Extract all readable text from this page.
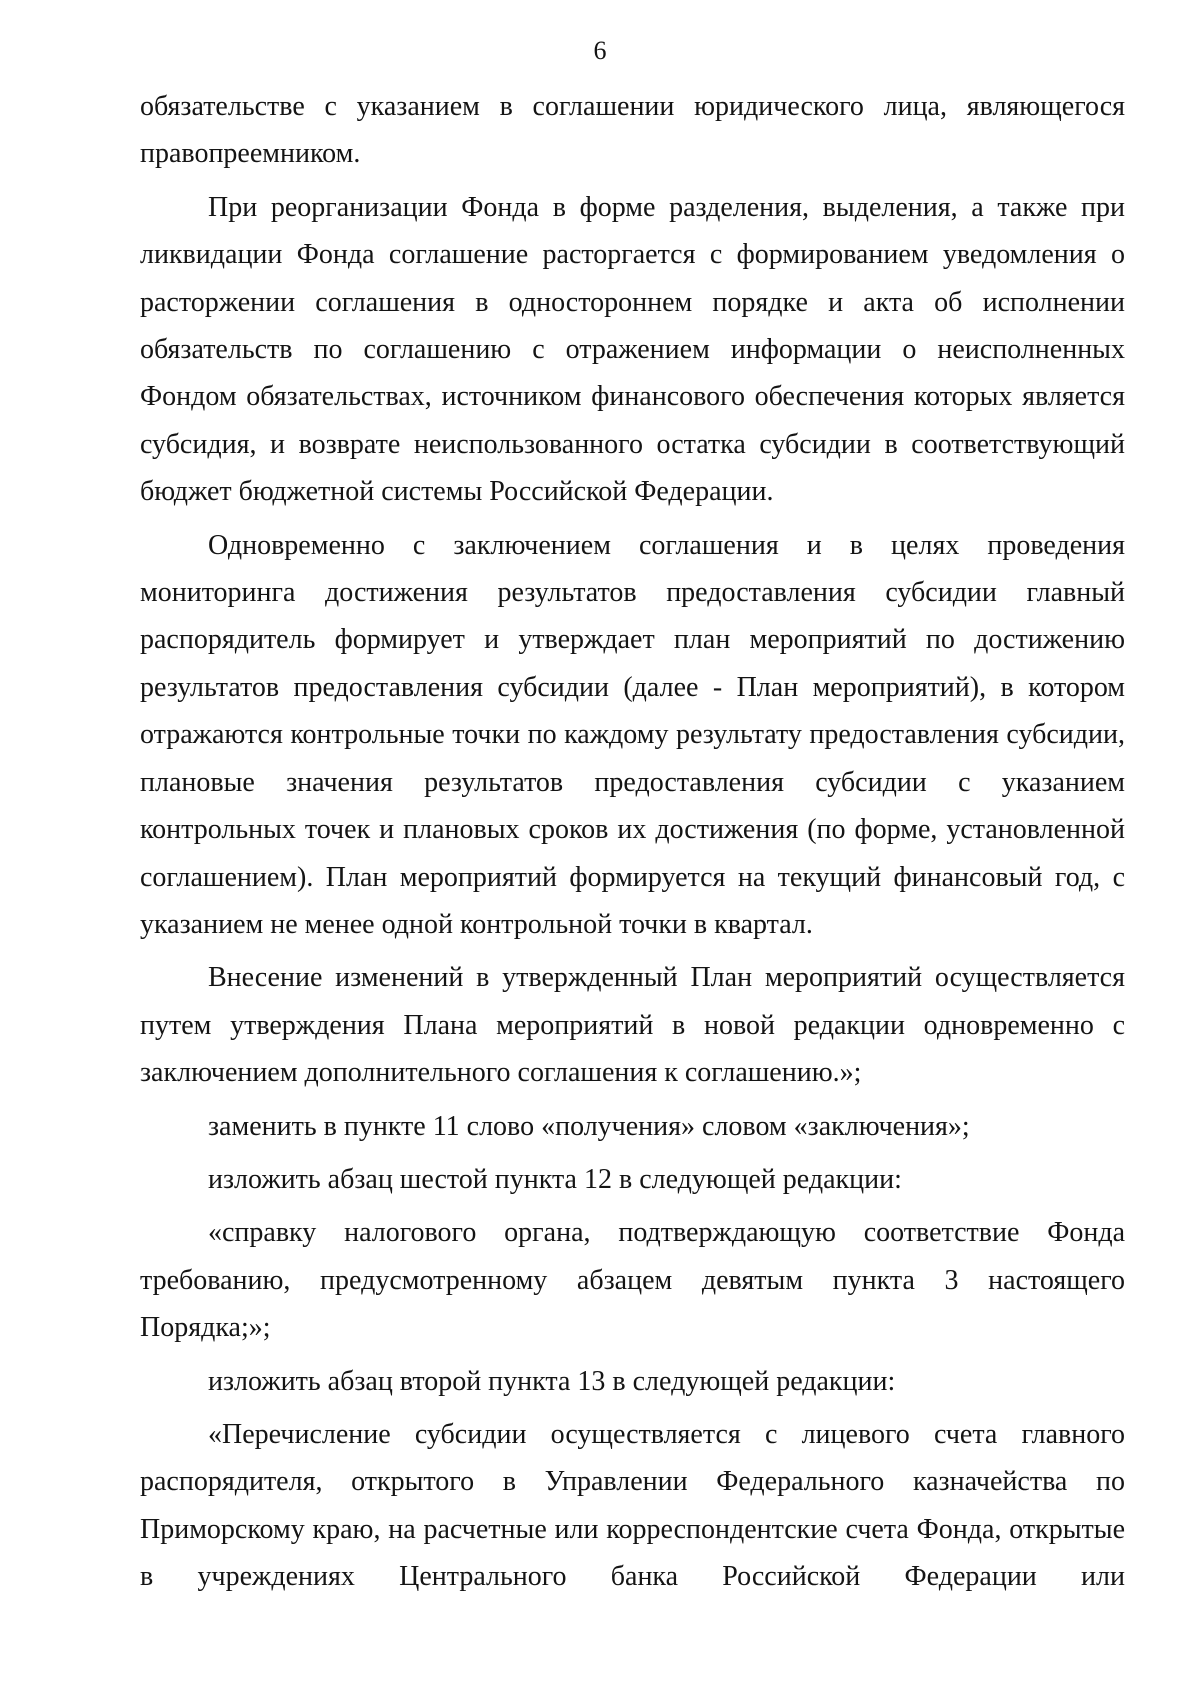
6

обязательстве с указанием в соглашении юридического лица, являющегося правопреемником.

При реорганизации Фонда в форме разделения, выделения, а также при ликвидации Фонда соглашение расторгается с формированием уведомления о расторжении соглашения в одностороннем порядке и акта об исполнении обязательств по соглашению с отражением информации о неисполненных Фондом обязательствах, источником финансового обеспечения которых является субсидия, и возврате неиспользованного остатка субсидии в соответствующий бюджет бюджетной системы Российской Федерации.

Одновременно с заключением соглашения и в целях проведения мониторинга достижения результатов предоставления субсидии главный распорядитель формирует и утверждает план мероприятий по достижению результатов предоставления субсидии (далее - План мероприятий), в котором отражаются контрольные точки по каждому результату предоставления субсидии, плановые значения результатов предоставления субсидии с указанием контрольных точек и плановых сроков их достижения (по форме, установленной соглашением). План мероприятий формируется на текущий финансовый год, с указанием не менее одной контрольной точки в квартал.

Внесение изменений в утвержденный План мероприятий осуществляется путем утверждения Плана мероприятий в новой редакции одновременно с заключением дополнительного соглашения к соглашению.»;

заменить в пункте 11 слово «получения» словом «заключения»;

изложить абзац шестой пункта 12 в следующей редакции:

«справку налогового органа, подтверждающую соответствие Фонда требованию, предусмотренному абзацем девятым пункта 3 настоящего Порядка;»;

изложить абзац второй пункта 13 в следующей редакции:

«Перечисление субсидии осуществляется с лицевого счета главного распорядителя, открытого в Управлении Федерального казначейства по Приморскому краю, на расчетные или корреспондентские счета Фонда, открытые в учреждениях Центрального банка Российской Федерации или
